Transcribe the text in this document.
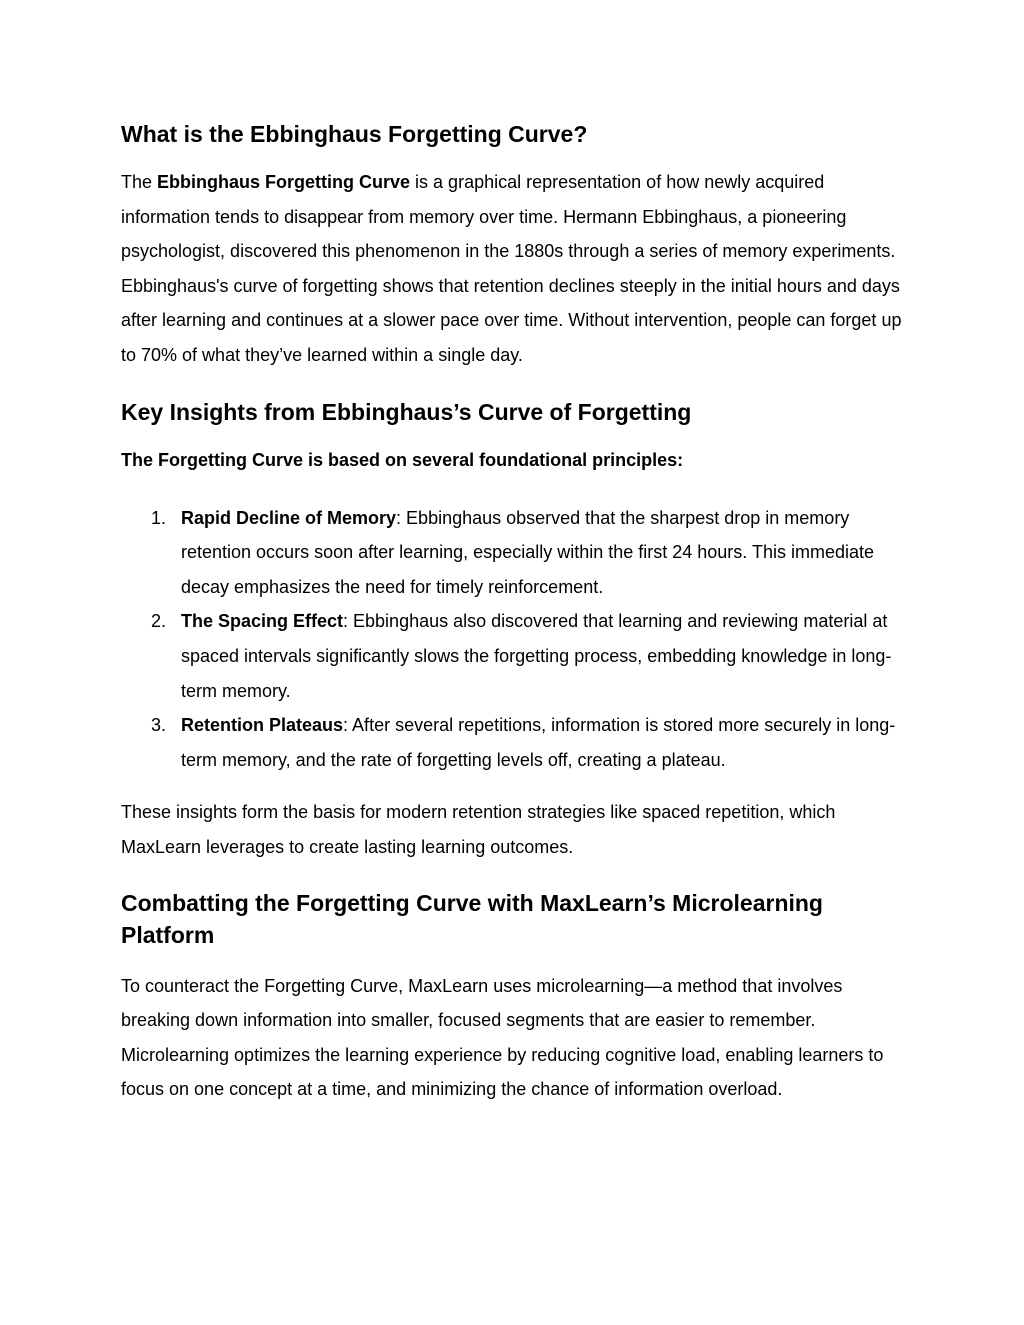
What is the Ebbinghaus Forgetting Curve?

The Ebbinghaus Forgetting Curve is a graphical representation of how newly acquired information tends to disappear from memory over time. Hermann Ebbinghaus, a pioneering psychologist, discovered this phenomenon in the 1880s through a series of memory experiments. Ebbinghaus's curve of forgetting shows that retention declines steeply in the initial hours and days after learning and continues at a slower pace over time. Without intervention, people can forget up to 70% of what they’ve learned within a single day.

Key Insights from Ebbinghaus’s Curve of Forgetting
The Forgetting Curve is based on several foundational principles:
1. Rapid Decline of Memory: Ebbinghaus observed that the sharpest drop in memory retention occurs soon after learning, especially within the first 24 hours. This immediate decay emphasizes the need for timely reinforcement.
2. The Spacing Effect: Ebbinghaus also discovered that learning and reviewing material at spaced intervals significantly slows the forgetting process, embedding knowledge in long-term memory.
3. Retention Plateaus: After several repetitions, information is stored more securely in long-term memory, and the rate of forgetting levels off, creating a plateau.

These insights form the basis for modern retention strategies like spaced repetition, which MaxLearn leverages to create lasting learning outcomes.

Combatting the Forgetting Curve with MaxLearn’s Microlearning Platform

To counteract the Forgetting Curve, MaxLearn uses microlearning—a method that involves breaking down information into smaller, focused segments that are easier to remember. Microlearning optimizes the learning experience by reducing cognitive load, enabling learners to focus on one concept at a time, and minimizing the chance of information overload.
